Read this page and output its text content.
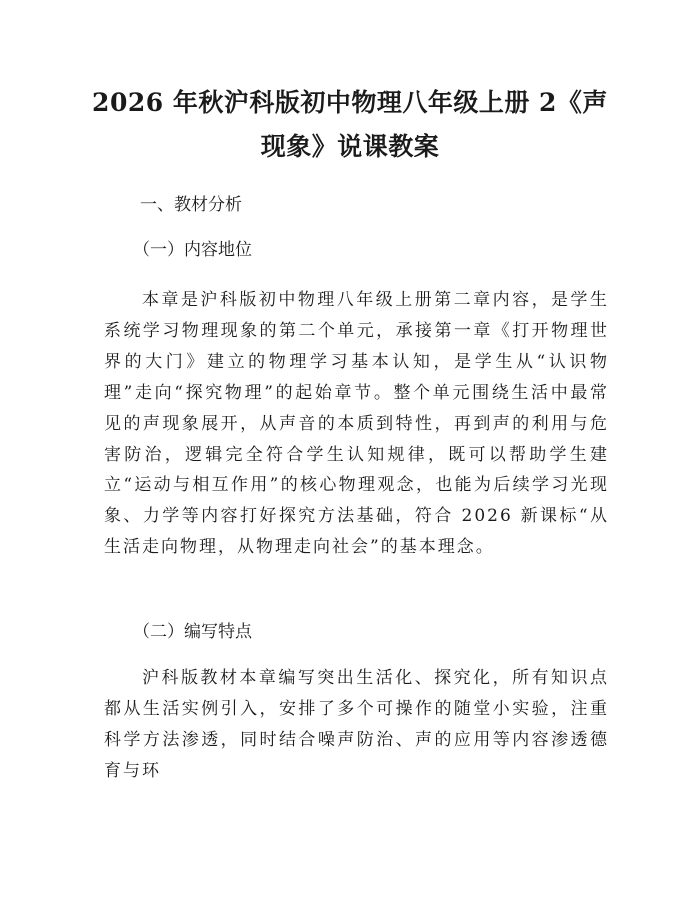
2026 年秋沪科版初中物理八年级上册 2《声
现象》说课教案
一、教材分析
（一）内容地位

本章是沪科版初中物理八年级上册第二章内容，是学生系统学习物理现象的第二个单元，承接第一章《打开物理世界的大门》建立的物理学习基本认知，是学生从“认识物理”走向“探究物理”的起始章节。整个单元围绕生活中最常见的声现象展开，从声音的本质到特性，再到声的利用与危害防治，逻辑完全符合学生认知规律，既可以帮助学生建立“运动与相互作用”的核心物理观念，也能为后续学习光现象、力学等内容打好探究方法基础，符合 2026 新课标“从生活走向物理，从物理走向社会”的基本理念。

（二）编写特点

沪科版教材本章编写突出生活化、探究化，所有知识点都从生活实例引入，安排了多个可操作的随堂小实验，注重科学方法渗透，同时结合噪声防治、声的应用等内容渗透德育与环
